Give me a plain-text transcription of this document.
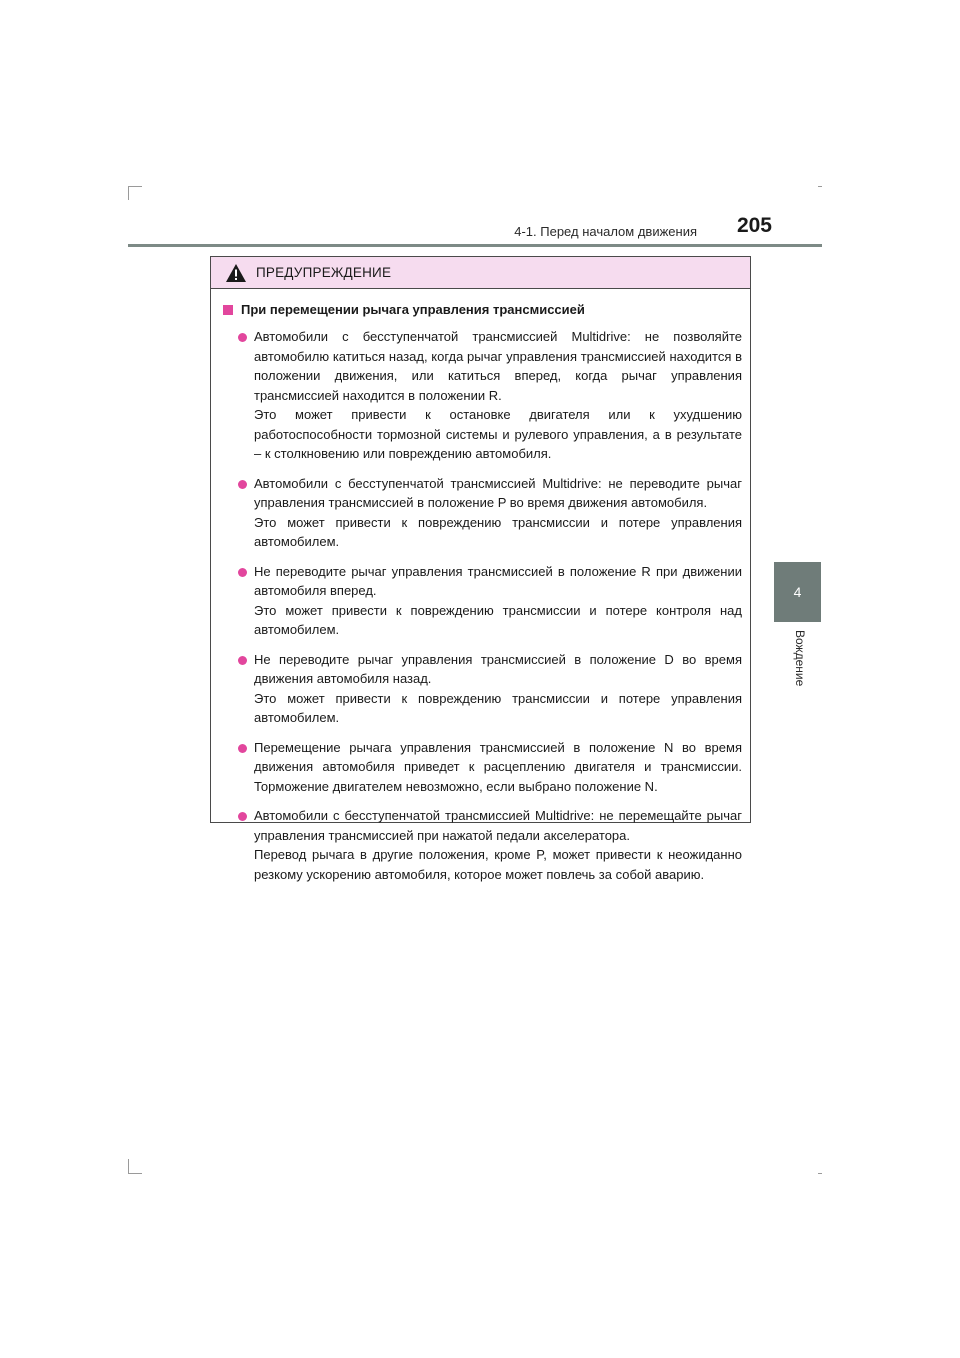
4-1. Перед началом движения 205
4
Вождение
ПРЕДУПРЕЖДЕНИЕ
При перемещении рычага управления трансмиссией

Автомобили с бесступенчатой трансмиссией Multidrive: не позволяйте автомобилю катиться назад, когда рычаг управления трансмиссией находится в положении движения, или катиться вперед, когда рычаг управления трансмиссией находится в положении R.

Это может привести к остановке двигателя или к ухудшению работоспособности тормозной системы и рулевого управления, а в результате – к столкновению или повреждению автомобиля.

Автомобили с бесступенчатой трансмиссией Multidrive: не переводите рычаг управления трансмиссией в положение P во время движения автомобиля.

Это может привести к повреждению трансмиссии и потере управления автомобилем.

Не переводите рычаг управления трансмиссией в положение R при движении автомобиля вперед.

Это может привести к повреждению трансмиссии и потере контроля над автомобилем.

Не переводите рычаг управления трансмиссией в положение D во время движения автомобиля назад.

Это может привести к повреждению трансмиссии и потере управления автомобилем.

Перемещение рычага управления трансмиссией в положение N во время движения автомобиля приведет к расцеплению двигателя и трансмиссии. Торможение двигателем невозможно, если выбрано положение N.

Автомобили с бесступенчатой трансмиссией Multidrive: не перемещайте рычаг управления трансмиссией при нажатой педали акселератора.

Перевод рычага в другие положения, кроме P, может привести к неожиданно резкому ускорению автомобиля, которое может повлечь за собой аварию.
